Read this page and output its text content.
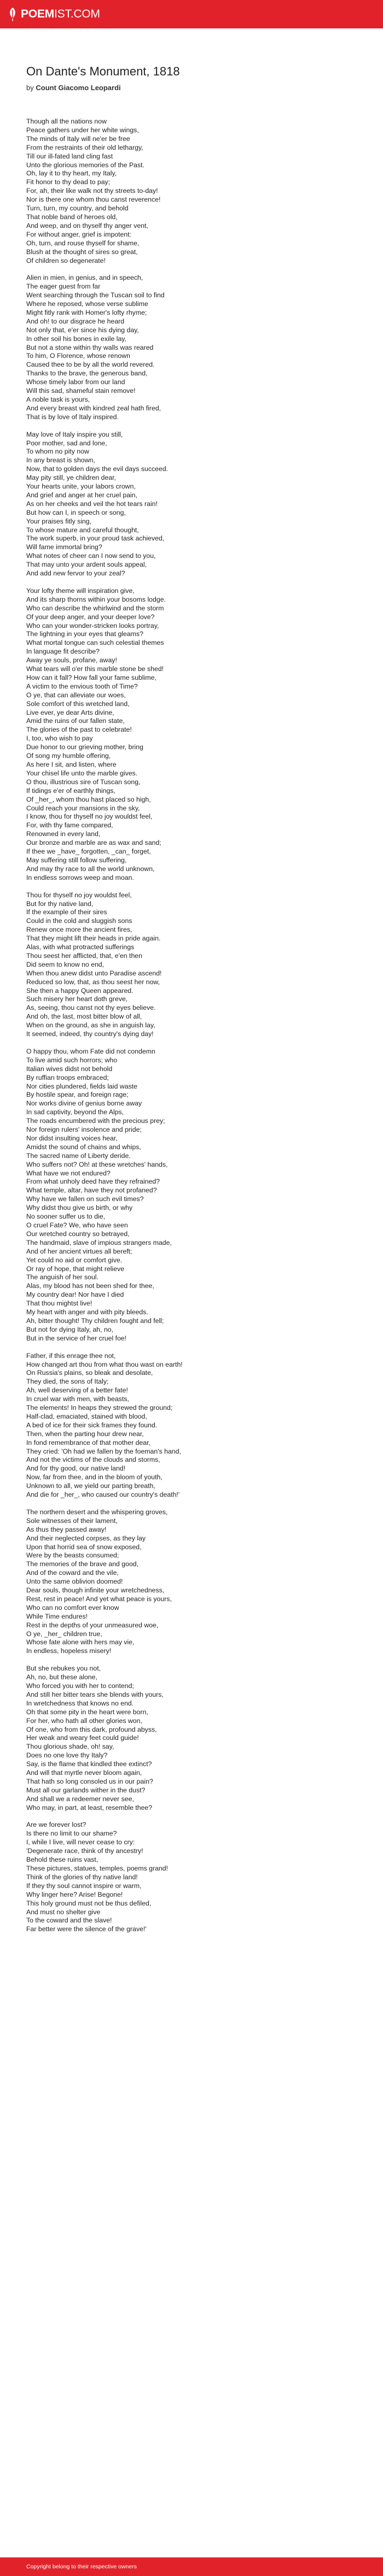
POEMIST.COM
On Dante's Monument, 1818
by Count Giacomo Leopardi
Though all the nations now
Peace gathers under her white wings,
The minds of Italy will ne'er be free
From the restraints of their old lethargy,
Till our ill-fated land cling fast
Unto the glorious memories of the Past.
Oh, lay it to thy heart, my Italy,
Fit honor to thy dead to pay;
For, ah, their like walk not thy streets to-day!
Nor is there one whom thou canst reverence!
Turn, turn, my country, and behold
That noble band of heroes old,
And weep, and on thyself thy anger vent,
For without anger, grief is impotent:
Oh, turn, and rouse thyself for shame,
Blush at the thought of sires so great,
Of children so degenerate!
Alien in mien, in genius, and in speech,
The eager guest from far
Went searching through the Tuscan soil to find
Where he reposed, whose verse sublime
Might fitly rank with Homer's lofty rhyme;
And oh! to our disgrace he heard
Not only that, e'er since his dying day,
In other soil his bones in exile lay,
But not a stone within thy walls was reared
To him, O Florence, whose renown
Caused thee to be by all the world revered.
Thanks to the brave, the generous band,
Whose timely labor from our land
Will this sad, shameful stain remove!
A noble task is yours,
And every breast with kindred zeal hath fired,
That is by love of Italy inspired.
May love of Italy inspire you still,
Poor mother, sad and lone,
To whom no pity now
In any breast is shown,
Now, that to golden days the evil days succeed.
May pity still, ye children dear,
Your hearts unite, your labors crown,
And grief and anger at her cruel pain,
As on her cheeks and veil the hot tears rain!
But how can I, in speech or song,
Your praises fitly sing,
To whose mature and careful thought,
The work superb, in your proud task achieved,
Will fame immortal bring?
What notes of cheer can I now send to you,
That may unto your ardent souls appeal,
And add new fervor to your zeal?
Your lofty theme will inspiration give,
And its sharp thorns within your bosoms lodge.
Who can describe the whirlwind and the storm
Of your deep anger, and your deeper love?
Who can your wonder-stricken looks portray,
The lightning in your eyes that gleams?
What mortal tongue can such celestial themes
In language fit describe?
Away ye souls, profane, away!
What tears will o'er this marble stone be shed!
How can it fall? How fall your fame sublime,
A victim to the envious tooth of Time?
O ye, that can alleviate our woes,
Sole comfort of this wretched land,
Live ever, ye dear Arts divine,
Amid the ruins of our fallen state,
The glories of the past to celebrate!
I, too, who wish to pay
Due honor to our grieving mother, bring
Of song my humble offering,
As here I sit, and listen, where
Your chisel life unto the marble gives.
O thou, illustrious sire of Tuscan song,
If tidings e'er of earthly things,
Of _her_, whom thou hast placed so high,
Could reach your mansions in the sky,
I know, thou for thyself no joy wouldst feel,
For, with thy fame compared,
Renowned in every land,
Our bronze and marble are as wax and sand;
If thee we _have_ forgotten, _can_ forget,
May suffering still follow suffering,
And may thy race to all the world unknown,
In endless sorrows weep and moan.
Thou for thyself no joy wouldst feel,
But for thy native land,
If the example of their sires
Could in the cold and sluggish sons
Renew once more the ancient fires,
That they might lift their heads in pride again.
Alas, with what protracted sufferings
Thou seest her afflicted, that, e'en then
Did seem to know no end,
When thou anew didst unto Paradise ascend!
Reduced so low, that, as thou seest her now,
She then a happy Queen appeared.
Such misery her heart doth greve,
As, seeing, thou canst not thy eyes believe.
And oh, the last, most bitter blow of all,
When on the ground, as she in anguish lay,
It seemed, indeed, thy country's dying day!
O happy thou, whom Fate did not condemn
To live amid such horrors; who
Italian wives didst not behold
By ruffian troops embraced;
Nor cities plundered, fields laid waste
By hostile spear, and foreign rage;
Nor works divine of genius borne away
In sad captivity, beyond the Alps,
The roads encumbered with the precious prey;
Nor foreign rulers' insolence and pride;
Nor didst insulting voices hear,
Amidst the sound of chains and whips,
The sacred name of Liberty deride.
Who suffers not? Oh! at these wretches' hands,
What have we not endured?
From what unholy deed have they refrained?
What temple, altar, have they not profaned?
Why have we fallen on such evil times?
Why didst thou give us birth, or why
No sooner suffer us to die,
O cruel Fate? We, who have seen
Our wretched country so betrayed,
The handmaid, slave of impious strangers made,
And of her ancient virtues all bereft;
Yet could no aid or comfort give.
Or ray of hope, that might relieve
The anguish of her soul.
Alas, my blood has not been shed for thee,
My country dear! Nor have I died
That thou mightst live!
My heart with anger and with pity bleeds.
Ah, bitter thought! Thy children fought and fell;
But not for dying Italy, ah, no,
But in the service of her cruel foe!
Father, if this enrage thee not,
How changed art thou from what thou wast on earth!
On Russia's plains, so bleak and desolate,
They died, the sons of Italy;
Ah, well deserving of a better fate!
In cruel war with men, with beasts,
The elements! In heaps they strewed the ground;
Half-clad, emaciated, stained with blood,
A bed of ice for their sick frames they found.
Then, when the parting hour drew near,
In fond remembrance of that mother dear,
They cried: 'Oh had we fallen by the foeman's hand,
And not the victims of the clouds and storms,
And for thy good, our native land!
Now, far from thee, and in the bloom of youth,
Unknown to all, we yield our parting breath,
And die for _her_, who caused our country's death!'
The northern desert and the whispering groves,
Sole witnesses of their lament,
As thus they passed away!
And their neglected corpses, as they lay
Upon that horrid sea of snow exposed,
Were by the beasts consumed;
The memories of the brave and good,
And of the coward and the vile,
Unto the same oblivion doomed!
Dear souls, though infinite your wretchedness,
Rest, rest in peace! And yet what peace is yours,
Who can no comfort ever know
While Time endures!
Rest in the depths of your unmeasured woe,
O ye, _her_ children true,
Whose fate alone with hers may vie,
In endless, hopeless misery!
But she rebukes you not,
Ah, no, but these alone,
Who forced you with her to contend;
And still her bitter tears she blends with yours,
In wretchedness that knows no end.
Oh that some pity in the heart were born,
For her, who hath all other glories won,
Of one, who from this dark, profound abyss,
Her weak and weary feet could guide!
Thou glorious shade, oh! say,
Does no one love thy Italy?
Say, is the flame that kindled thee extinct?
And will that myrtle never bloom again,
That hath so long consoled us in our pain?
Must all our garlands wither in the dust?
And shall we a redeemer never see,
Who may, in part, at least, resemble thee?
Are we forever lost?
Is there no limit to our shame?
I, while I live, will never cease to cry:
'Degenerate race, think of thy ancestry!
Behold these ruins vast,
These pictures, statues, temples, poems grand!
Think of the glories of thy native land!
If they thy soul cannot inspire or warm,
Why linger here? Arise! Begone!
This holy ground must not be thus defiled,
And must no shelter give
To the coward and the slave!
Far better were the silence of the grave!'
Copyright belong to their respective owners
